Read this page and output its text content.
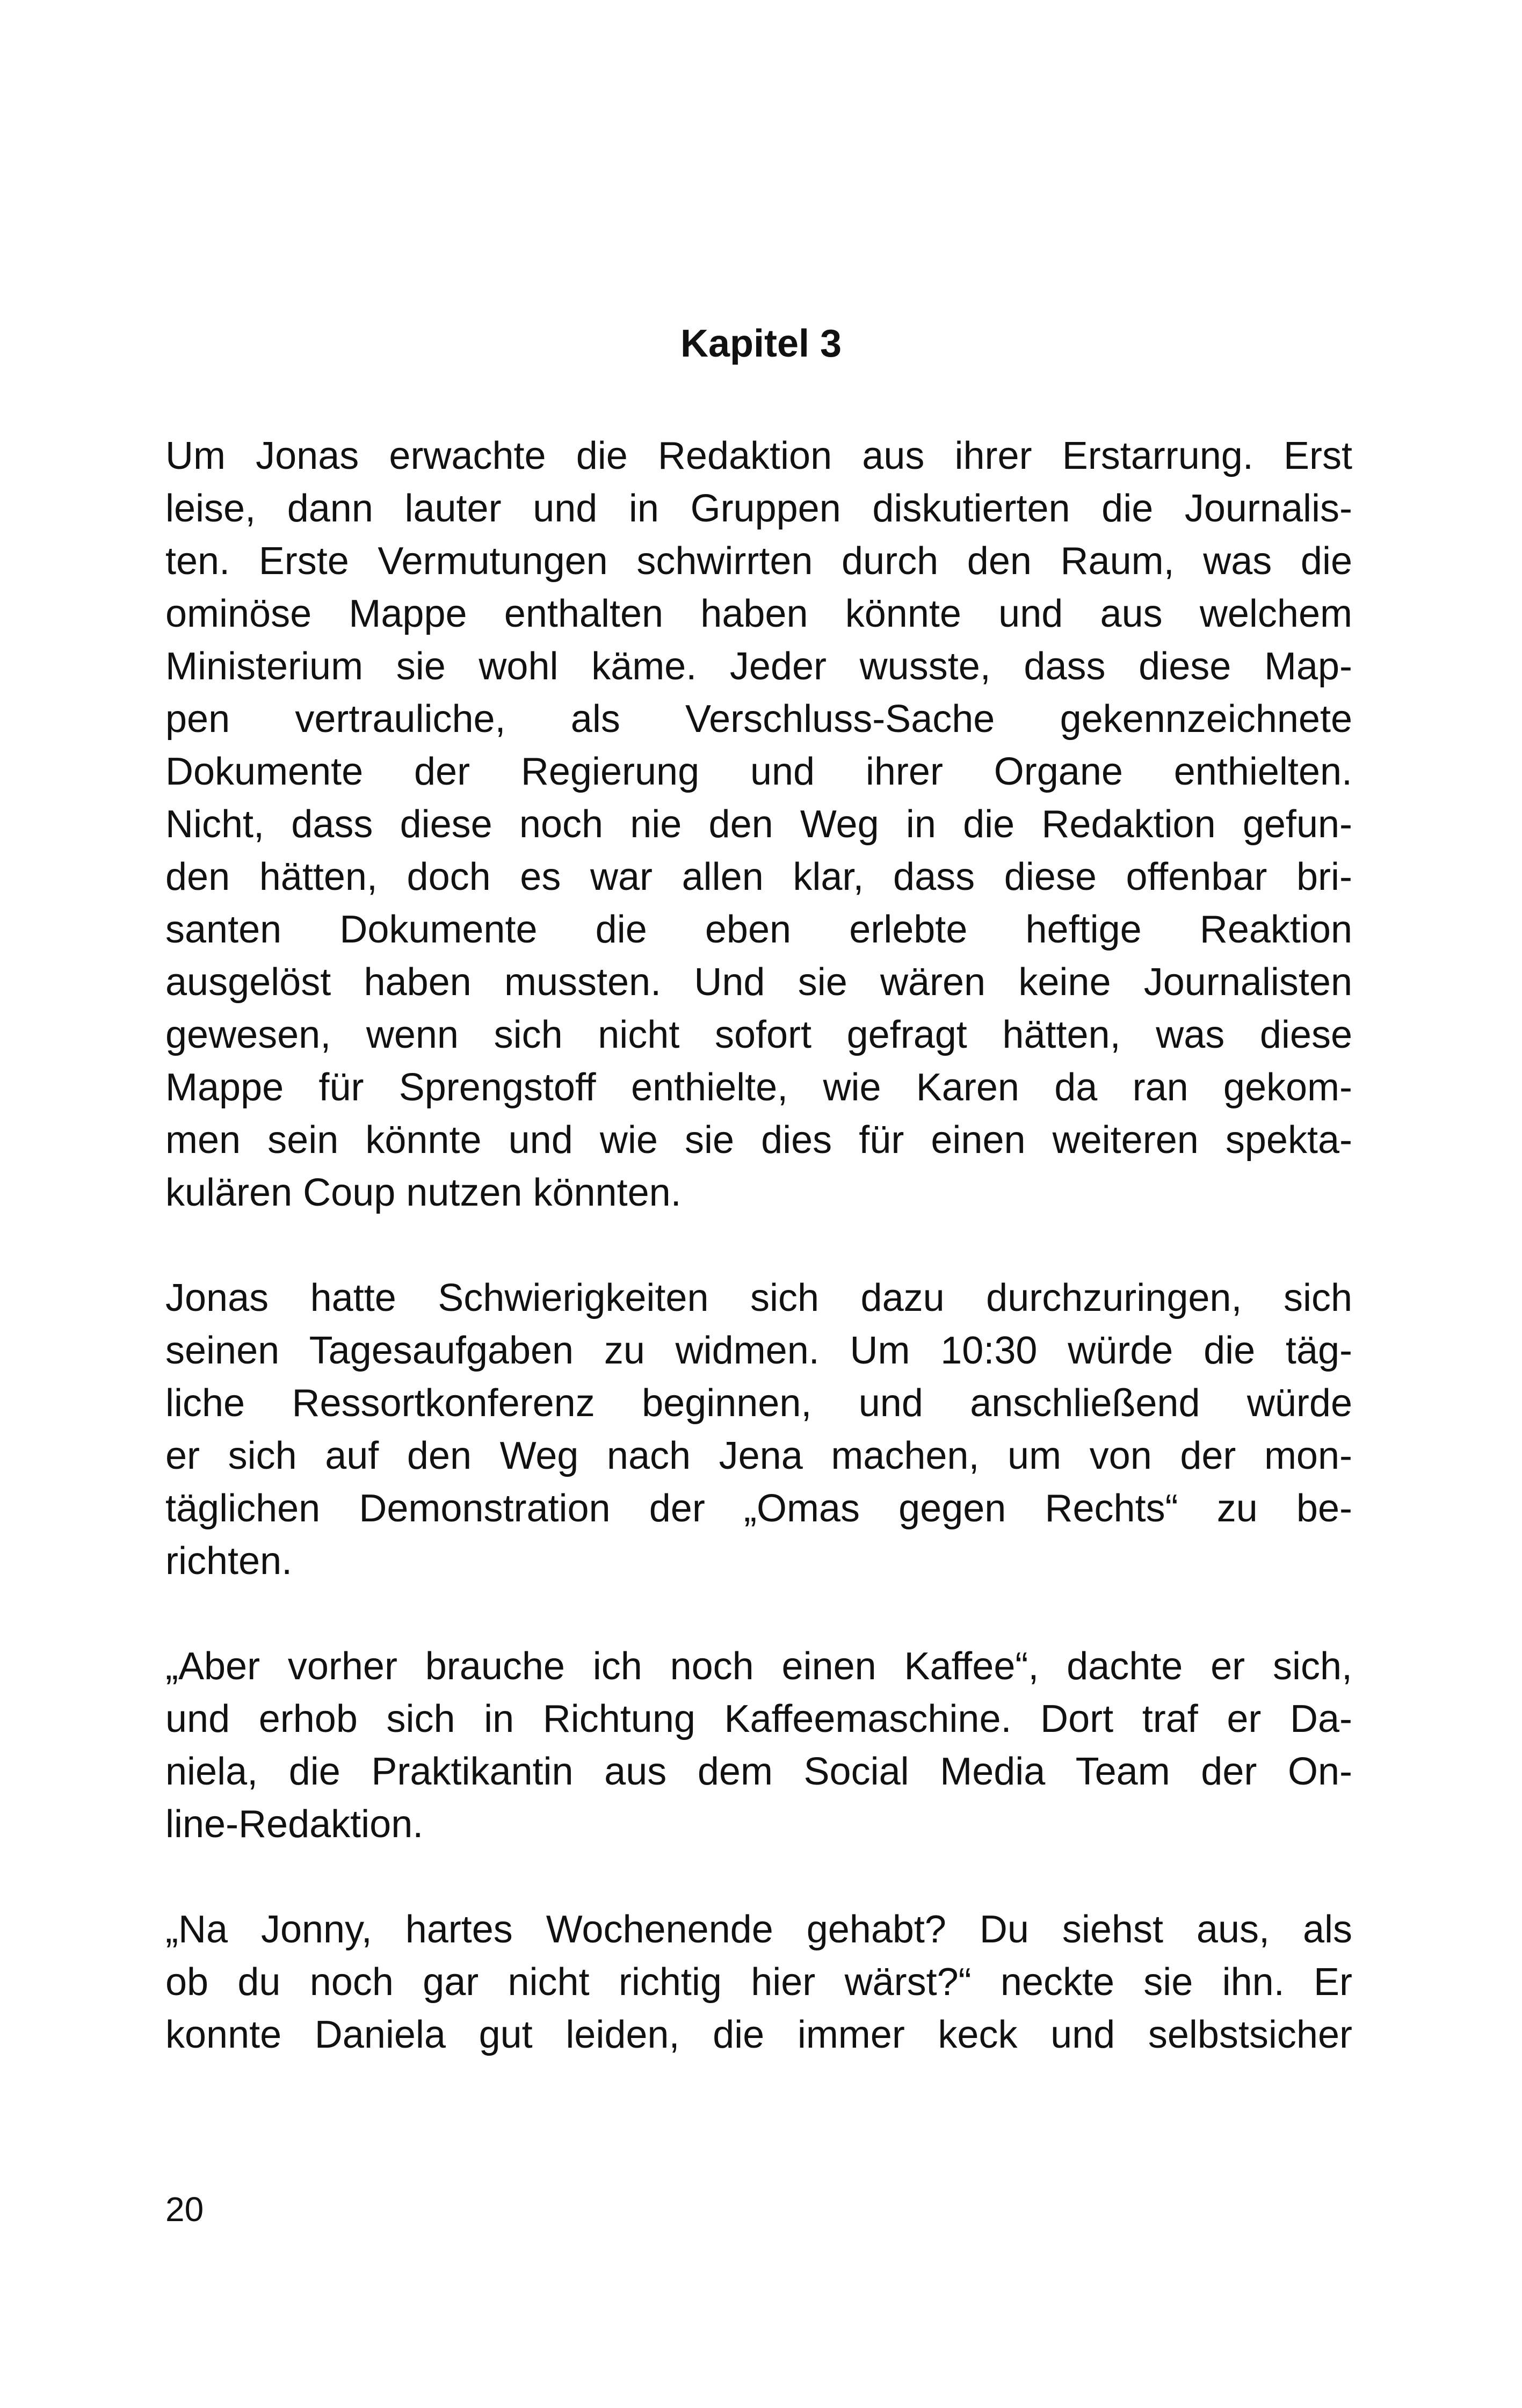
Kapitel 3

Um Jonas erwachte die Redaktion aus ihrer Erstarrung. Erst
leise, dann lauter und in Gruppen diskutierten die Journalis-
ten. Erste Vermutungen schwirrten durch den Raum, was die
ominöse Mappe enthalten haben könnte und aus welchem
Ministerium sie wohl käme. Jeder wusste, dass diese Map-
pen vertrauliche, als Verschluss-Sache gekennzeichnete
Dokumente der Regierung und ihrer Organe enthielten.
Nicht, dass diese noch nie den Weg in die Redaktion gefun-
den hätten, doch es war allen klar, dass diese offenbar bri-
santen Dokumente die eben erlebte heftige Reaktion
ausgelöst haben mussten. Und sie wären keine Journalisten
gewesen, wenn sich nicht sofort gefragt hätten, was diese
Mappe für Sprengstoff enthielte, wie Karen da ran gekom-
men sein könnte und wie sie dies für einen weiteren spekta-
kulären Coup nutzen könnten.

Jonas hatte Schwierigkeiten sich dazu durchzuringen, sich
seinen Tagesaufgaben zu widmen. Um 10:30 würde die täg-
liche Ressortkonferenz beginnen, und anschließend würde
er sich auf den Weg nach Jena machen, um von der mon-
täglichen Demonstration der „Omas gegen Rechts“ zu be-
richten.

„Aber vorher brauche ich noch einen Kaffee“, dachte er sich,
und erhob sich in Richtung Kaffeemaschine. Dort traf er Da-
niela, die Praktikantin aus dem Social Media Team der On-
line-Redaktion.

„Na Jonny, hartes Wochenende gehabt? Du siehst aus, als
ob du noch gar nicht richtig hier wärst?“ neckte sie ihn. Er
konnte Daniela gut leiden, die immer keck und selbstsicher

20
